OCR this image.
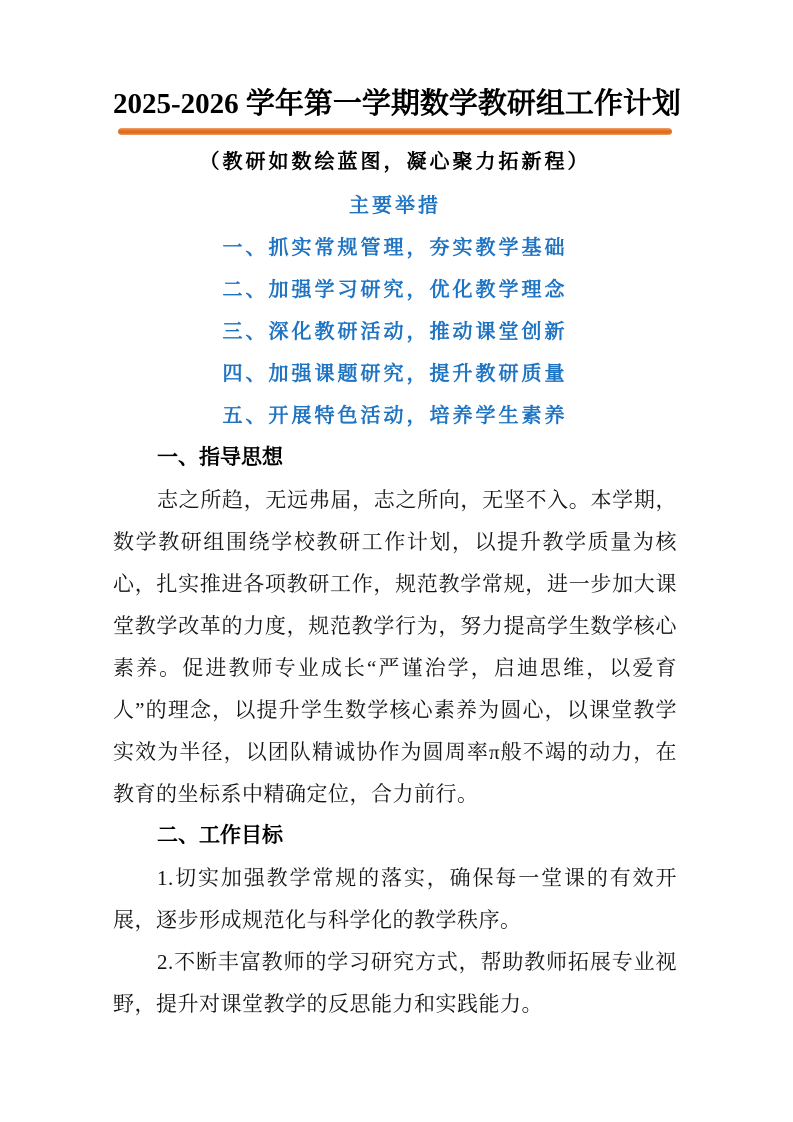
2025-2026 学年第一学期数学教研组工作计划
（教研如数绘蓝图，凝心聚力拓新程）
主要举措
一、抓实常规管理，夯实教学基础
二、加强学习研究，优化教学理念
三、深化教研活动，推动课堂创新
四、加强课题研究，提升教研质量
五、开展特色活动，培养学生素养
一、指导思想

志之所趋，无远弗届，志之所向，无坚不入。本学期，数学教研组围绕学校教研工作计划，以提升教学质量为核心，扎实推进各项教研工作，规范教学常规，进一步加大课堂教学改革的力度，规范教学行为，努力提高学生数学核心素养。促进教师专业成长“严谨治学，启迪思维，以爱育人”的理念，以提升学生数学核心素养为圆心，以课堂教学实效为半径，以团队精诚协作为圆周率π般不竭的动力，在教育的坐标系中精确定位，合力前行。

二、工作目标

1.切实加强教学常规的落实，确保每一堂课的有效开展，逐步形成规范化与科学化的教学秩序。

2.不断丰富教师的学习研究方式，帮助教师拓展专业视野，提升对课堂教学的反思能力和实践能力。
